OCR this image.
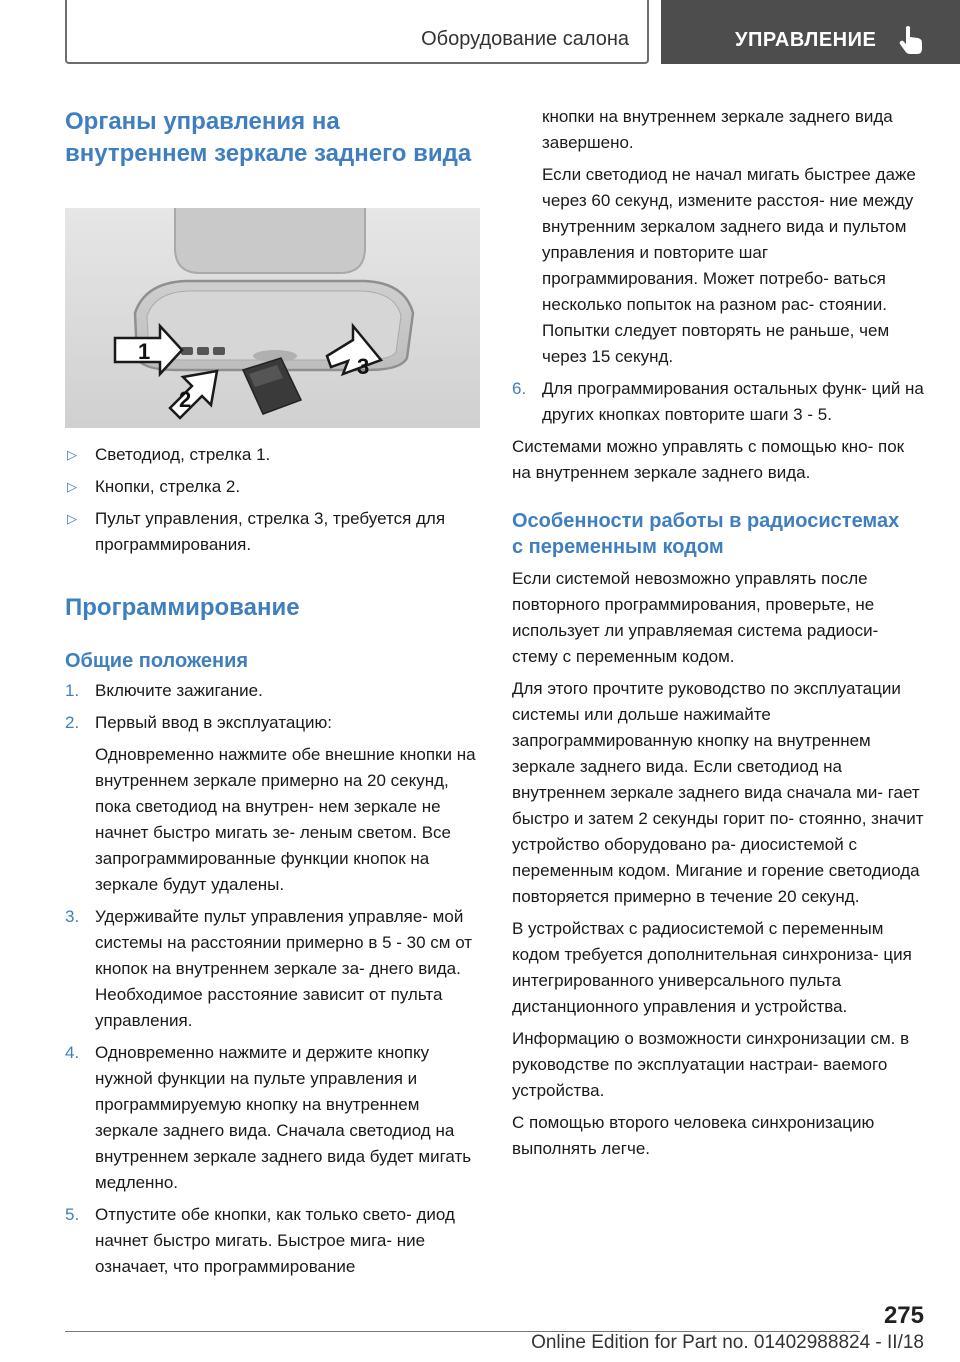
Оборудование салона	УПРАВЛЕНИЕ
Органы управления на внутреннем зеркале заднего вида
1
2
3
▷ Светодиод, стрелка 1.
▷ Кнопки, стрелка 2.
▷ Пульт управления, стрелка 3, требуется для программирования.
Программирование
Общие положения
1. Включите зажигание.
2. Первый ввод в эксплуатацию:

Одновременно нажмите обе внешние кнопки на внутреннем зеркале примерно на 20 секунд, пока светодиод на внутрен- нем зеркале не начнет быстро мигать зе- леным светом. Все запрограммированные функции кнопок на зеркале будут удалены.

3. Удерживайте пульт управления управляе- мой системы на расстоянии примерно в 5 - 30 см от кнопок на внутреннем зеркале за- днего вида. Необходимое расстояние зависит от пульта управления.
4. Одновременно нажмите и держите кнопку нужной функции на пульте управления и программируемую кнопку на внутреннем зеркале заднего вида. Сначала светодиод на внутреннем зеркале заднего вида будет мигать медленно.
5. Отпустите обе кнопки, как только свето- диод начнет быстро мигать. Быстрое мига- ние означает, что программирование

кнопки на внутреннем зеркале заднего вида завершено.

Если светодиод не начал мигать быстрее даже через 60 секунд, измените расстоя- ние между внутренним зеркалом заднего вида и пультом управления и повторите шаг программирования. Может потребо- ваться несколько попыток на разном рас- стоянии. Попытки следует повторять не раньше, чем через 15 секунд.

6. Для программирования остальных функ- ций на других кнопках повторите шаги 3 - 5.

Системами можно управлять с помощью кно- пок на внутреннем зеркале заднего вида.

Особенности работы в радиосистемах с переменным кодом

Если системой невозможно управлять после повторного программирования, проверьте, не использует ли управляемая система радиоси- стему с переменным кодом.

Для этого прочтите руководство по эксплуатации системы или дольше нажимайте запрограммированную кнопку на внутреннем зеркале заднего вида. Если светодиод на внутреннем зеркале заднего вида сначала ми- гает быстро и затем 2 секунды горит по- стоянно, значит устройство оборудовано ра- диосистемой с переменным кодом. Мигание и горение светодиода повторяется примерно в течение 20 секунд.

В устройствах с радиосистемой с переменным кодом требуется дополнительная синхрониза- ция интегрированного универсального пульта дистанционного управления и устройства.

Информацию о возможности синхронизации см. в руководстве по эксплуатации настраи- ваемого устройства.

С помощью второго человека синхронизацию выполнять легче.

275
Online Edition for Part no. 01402988824 - II/18
